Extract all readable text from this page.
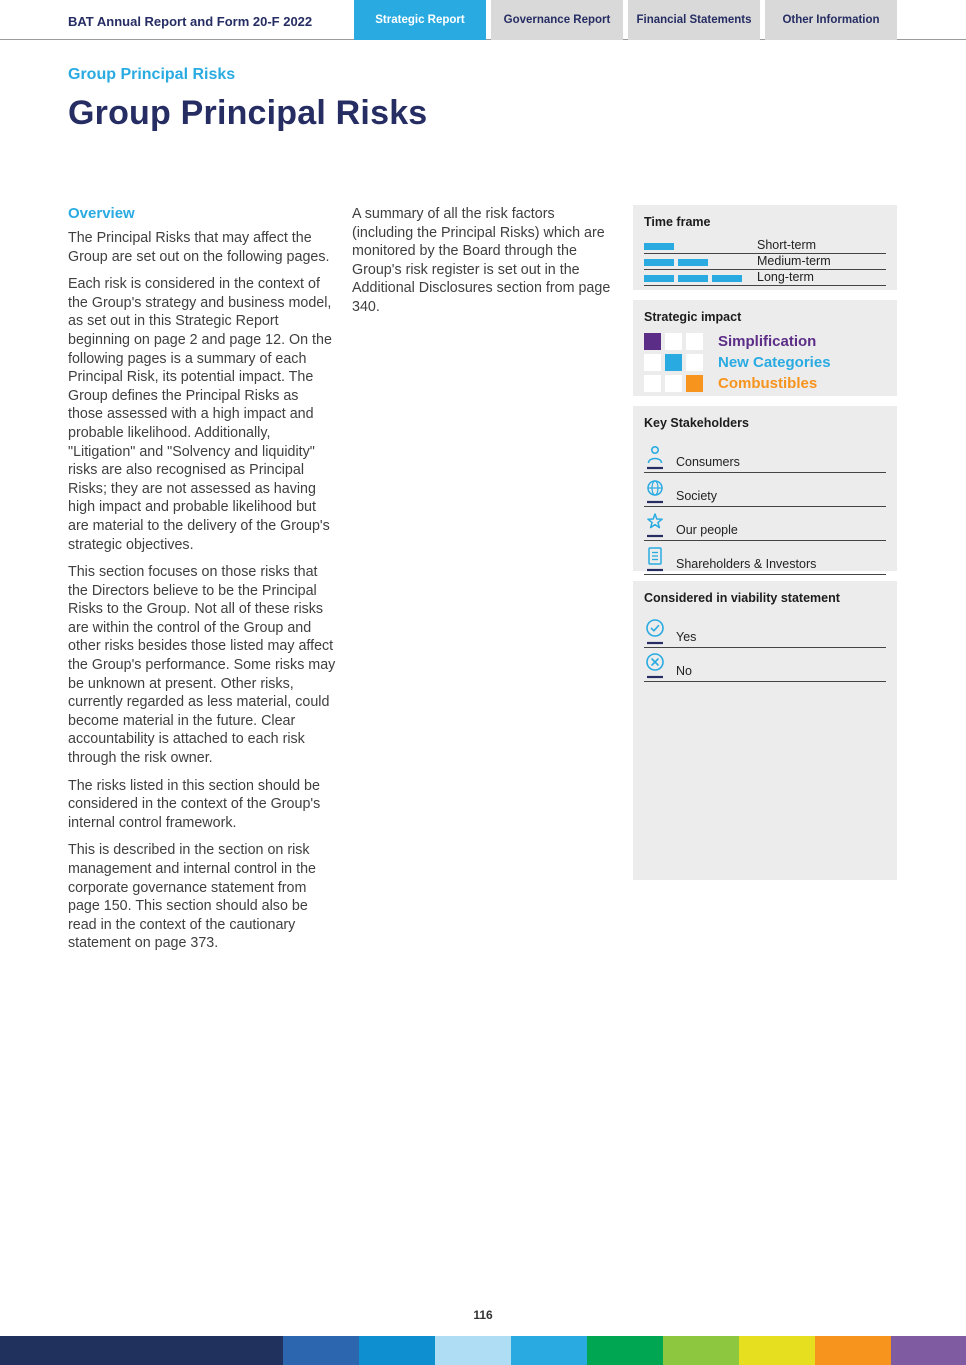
BAT Annual Report and Form 20-F 2022	Strategic Report	Governance Report	Financial Statements	Other Information
Group Principal Risks
Group Principal Risks
Overview

The Principal Risks that may affect the Group are set out on the following pages.

Each risk is considered in the context of the Group's strategy and business model, as set out in this Strategic Report beginning on page 2 and page 12. On the following pages is a summary of each Principal Risk, its potential impact. The Group defines the Principal Risks as those assessed with a high impact and probable likelihood. Additionally, "Litigation" and "Solvency and liquidity" risks are also recognised as Principal Risks; they are not assessed as having high impact and probable likelihood but are material to the delivery of the Group's strategic objectives.

This section focuses on those risks that the Directors believe to be the Principal Risks to the Group. Not all of these risks are within the control of the Group and other risks besides those listed may affect the Group's performance. Some risks may be unknown at present. Other risks, currently regarded as less material, could become material in the future. Clear accountability is attached to each risk through the risk owner.

The risks listed in this section should be considered in the context of the Group's internal control framework.

This is described in the section on risk management and internal control in the corporate governance statement from page 150. This section should also be read in the context of the cautionary statement on page 373.

A summary of all the risk factors (including the Principal Risks) which are monitored by the Board through the Group's risk register is set out in the Additional Disclosures section from page 340.

Time frame
Short-term
Medium-term
Long-term
Strategic impact
Simplification
New Categories
Combustibles
Key Stakeholders
Consumers
Society
Our people
Shareholders & Investors
Considered in viability statement
Yes
No
116
